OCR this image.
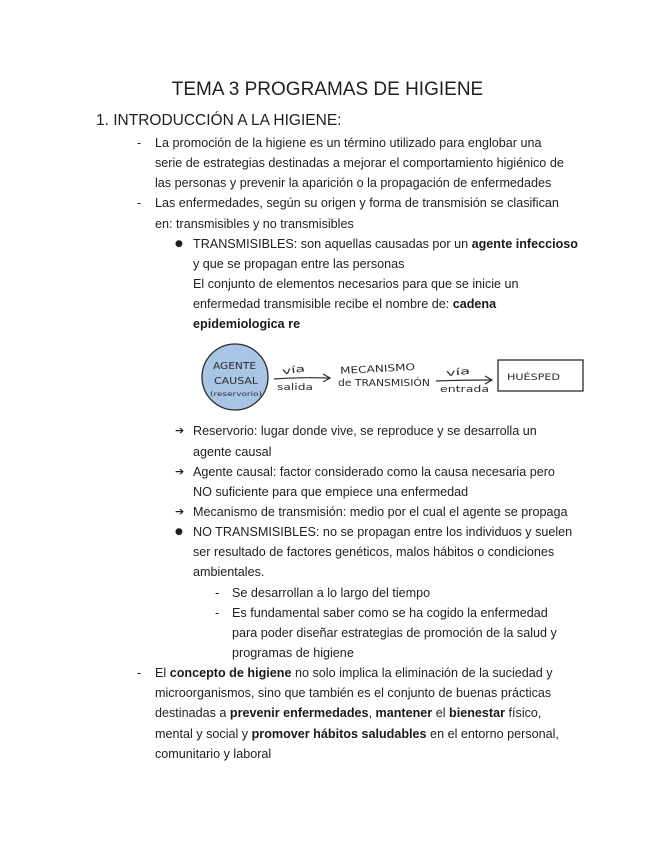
TEMA 3 PROGRAMAS DE HIGIENE
1. INTRODUCCIÓN A LA HIGIENE:
- La promoción de la higiene es un término utilizado para englobar una
serie de estrategias destinadas a mejorar el comportamiento higiénico de
las personas y prevenir la aparición o la propagación de enfermedades
- Las enfermedades, según su origen y forma de transmisión se clasifican
en: transmisibles y no transmisibles
● TRANSMISIBLES: son aquellas causadas por un agente infeccioso
y que se propagan entre las personas
El conjunto de elementos necesarios para que se inicie un
enfermedad transmisible recibe el nombre de: cadena
epidemiologica re
AGENTE
CAUSAL
(reservorio)
vía
salida
MECANISMO
de TRANSMISIÓN
vía
entrada
HUÉSPED
➔ Reservorio: lugar donde vive, se reproduce y se desarrolla un
agente causal
➔ Agente causal: factor considerado como la causa necesaria pero
NO suficiente para que empiece una enfermedad
➔ Mecanismo de transmisión: medio por el cual el agente se propaga
● NO TRANSMISIBLES: no se propagan entre los individuos y suelen
ser resultado de factores genéticos, malos hábitos o condiciones
ambientales.
- Se desarrollan a lo largo del tiempo
- Es fundamental saber como se ha cogido la enfermedad
para poder diseñar estrategias de promoción de la salud y
programas de higiene
- El concepto de higiene no solo implica la eliminación de la suciedad y
microorganismos, sino que también es el conjunto de buenas prácticas
destinadas a prevenir enfermedades, mantener el bienestar físico,
mental y social y promover hábitos saludables en el entorno personal,
comunitario y laboral
